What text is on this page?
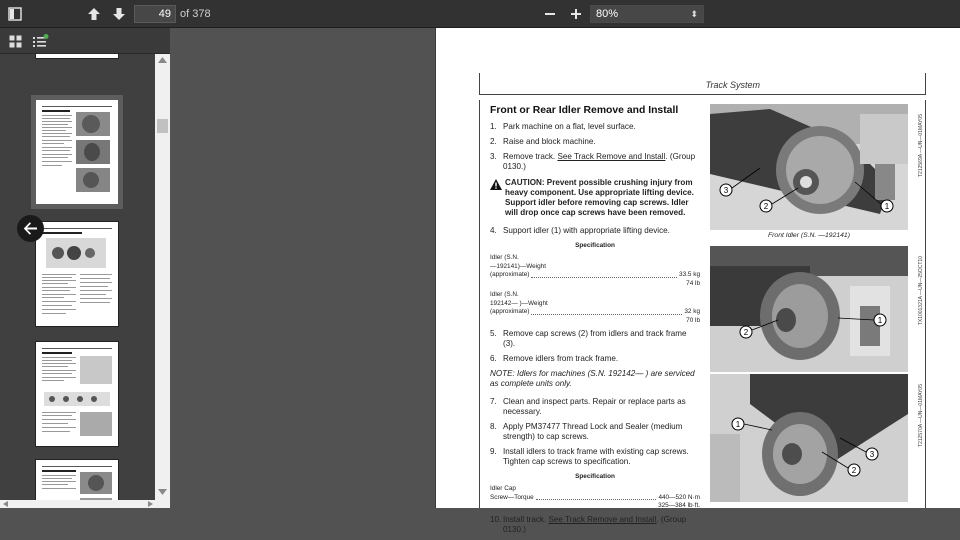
49 of 378	80%	⬍
Track System
Front or Rear Idler Remove and Install
1. Park machine on a flat, level surface.
2. Raise and block machine.
3. Remove track. See Track Remove and Install. (Group 0130.)
CAUTION: Prevent possible crushing injury from heavy component. Use appropriate lifting device. Support idler before removing cap screws. Idler will drop once cap screws have been removed.
4. Support idler (1) with appropriate lifting device.
Specification
Idler (S.N.
—192141)—Weight
(approximate)	33.5 kg
74 lb
Idler (S.N.
192142— )—Weight
(approximate)	32 kg
70 lb
5. Remove cap screws (2) from idlers and track frame (3).
6. Remove idlers from track frame.
NOTE: Idlers for machines (S.N. 192142— ) are serviced as complete units only.
7. Clean and inspect parts. Repair or replace parts as necessary.
8. Apply PM37477 Thread Lock and Sealer (medium strength) to cap screws.
9. Install idlers to track frame with existing cap screws. Tighten cap screws to specification.
Specification
Idler Cap
Screw—Torque	440—520 N·m
325—384 lb·ft.
10. Install track. See Track Remove and Install. (Group 0130.)
Front Idler (S.N. —192141)
T212569A —UN—01MAY05
3
2	1
TX1001321A —UN—25OCT10
2
1
T212570A —UN—01MAY05
1
3
2
